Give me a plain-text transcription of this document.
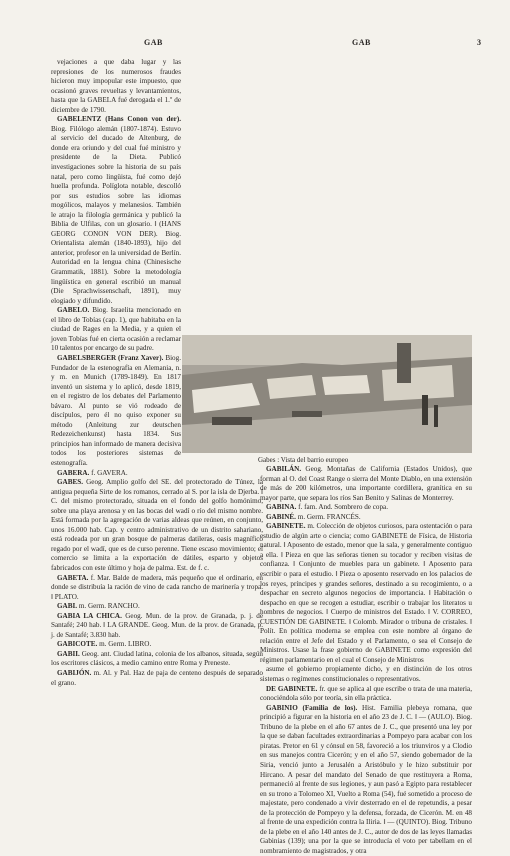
GAB	GAB	3
vejaciones a que daba lugar y las represiones de los numerosos fraudes hicieron muy impopular este impuesto, que ocasionó graves revueltas y levantamientos, hasta que la GABELA fué derogada el 1.º de diciembre de 1790.
GABELENTZ (Hans Conon von der). Biog. Filólogo alemán (1807-1874). Estuvo al servicio del ducado de Altenburg, de donde era oriundo y del cual fué ministro y presidente de la Dieta. Publicó investigaciones sobre la historia de su país natal, pero como lingüista, fué como dejó huella profunda. Políglota notable, descolló por sus estudios sobre las idiomas mogólicos, malayos y melanesios. También le atrajo la filología germánica y publicó la Biblia de Ulfilas, con un glosario. ‖ (HANS GEORG CONON VON DER). Biog. Orientalista alemán (1840-1893), hijo del anterior, profesor en la universidad de Berlín. Autoridad en la lengua china (Chinesische Grammatik, 1881). Sobre la metodología lingüística en general escribió un manual (Die Sprachwissenschaft, 1891), muy elogiado y difundido.
GABELO. Biog. Israelita mencionado en el libro de Tobías (cap. 1), que habitaba en la ciudad de Rages en la Media, y a quien el joven Tobías fué en cierta ocasión a reclamar 10 talentos por encargo de su padre.
GABELSBERGER (Franz Xaver). Biog. Fundador de la estenografía en Alemania, n. y m. en Munich (1789-1849). En 1817 inventó un sistema y lo aplicó, desde 1819, en el registro de los debates del Parlamento bávaro. Al punto se vió rodeado de discípulos, pero él no quiso exponer su método (Anleitung zur deutschen Redezeichenkunst) hasta 1834. Sus principios han informado de manera decisiva todos los posteriores sistemas de estenografía.
GABERA. f. GAVERA.
GABES. Geog. Amplio golfo del SE. del protectorado de Túnez, la antigua pequeña Sirte de los romanos, cerrado al S. por la isla de Djerba. ‖ C. del mismo protectorado, situada en el fondo del golfo homónimo, sobre una playa arenosa y en las bocas del wadí o río del mismo nombre. Está formada por la agregación de varias aldeas que reúnen, en conjunto, unos 16.000 hab. Cap. y centro administrativo de un distrito sahariano, está rodeada por un gran bosque de palmeras datileras, oasis magnífico regado por el wadí, que es de curso perenne. Tiene escaso movimiento; el comercio se limita a la exportación de dátiles, esparto y objetos fabricados con este último y hoja de palma. Est. de f. c.
GABETA. f. Mar. Balde de madera, más pequeño que el ordinario, en donde se distribuía la ración de vino de cada rancho de marinería y tropa. ‖ PLATO.
GABI. m. Germ. RANCHO.
GABIA LA CHICA. Geog. Mun. de la prov. de Granada, p. j. de Santafé; 240 hab. ‖ LA GRANDE. Geog. Mun. de la prov. de Granada, p. j. de Santafé; 3.830 hab.
GABICOTE. m. Germ. LIBRO.
GABII. Geog. ant. Ciudad latina, colonia de los albanos, situada, según los escritores clásicos, a medio camino entre Roma y Preneste.
GABIJÓN. m. Al. y Pal. Haz de paja de centeno después de separado el grano.
GABILÁN. Geog. Montañas de California (Estados Unidos), que forman al O. del Coast Range o sierra del Monte Diablo, en una extensión de más de 200 kilómetros, una importante cordillera, granítica en su mayor parte, que separa los ríos San Benito y Salinas de Monterrey.
GABINA. f. fam. And. Sombrero de copa.
GABINÉ. m. Germ. FRANCÉS.
GABINETE. m. Colección de objetos curiosos, para ostentación o para estudio de algún arte o ciencia; como GABINETE de Física, de Historia natural. ‖ Aposento de estado, menor que la sala, y generalmente contiguo a ella. ‖ Pieza en que las señoras tienen su tocador y reciben visitas de confianza. ‖ Conjunto de muebles para un gabinete. ‖ Aposento para escribir o para el estudio. ‖ Pieza o aposento reservado en los palacios de los reyes, príncipes y grandes señores, destinado a su recogimiento, o a despachar en secreto algunos negocios de importancia. ‖ Habitación o despacho en que se recogen a estudiar, escribir o trabajar los literatos u hombres de negocios. ‖ Cuerpo de ministros del Estado. ‖ V. CORREO, CUESTIÓN DE GABINETE. ‖ Colomb. Mirador o tribuna de cristales. ‖ Polít. En política moderna se emplea con este nombre al órgano de relación entre el Jefe del Estado y el Parlamento, o sea el Consejo de Ministros. Usase la frase gobierno de GABINETE como expresión del régimen parlamentario en el cual el Consejo de Ministros
asume el gobierno propiamente dicho, y en distinción de los otros sistemas o regímenes constitucionales o representativos.
DE GABINETE. fr. que se aplica al que escribe o trata de una materia, conociéndola sólo por teoría, sin ella práctica.
GABINIO (Familia de los). Hist. Familia plebeya romana, que principió a figurar en la historia en el año 23 de J. C. ‖ — (AULO). Biog. Tribuno de la plebe en el año 67 antes de J. C., que presentó una ley por la que se daban facultades extraordinarias a Pompeyo para acabar con los piratas. Pretor en 61 y cónsul en 58, favoreció a los triunviros y a Clodio en sus manejos contra Cicerón; y en el año 57, siendo gobernador de la Siria, venció junto a Jerusalén a Aristóbulo y le hizo substituir por Hircano. A pesar del mandato del Senado de que restituyera a Roma, permaneció al frente de sus legiones, y aun pasó a Egipto para restablecer en su trono a Tolomeo XI, Vuelto a Roma (54), fué sometido a proceso de majestate, pero condenado a vivir desterrado en el de repetundis, a pesar de la protección de Pompeyo y la defensa, forzada, de Cicerón. M. en 48 al frente de una expedición contra la Iliria. ‖ — (QUINTO). Biog. Tribuno de la plebe en el año 140 antes de J. C., autor de dos de las leyes llamadas Gabinias (139); una por la que se introducía el voto per tabellam en el nombramiento de magistrados, y otra
Gabes : Vista del barrio europeo
